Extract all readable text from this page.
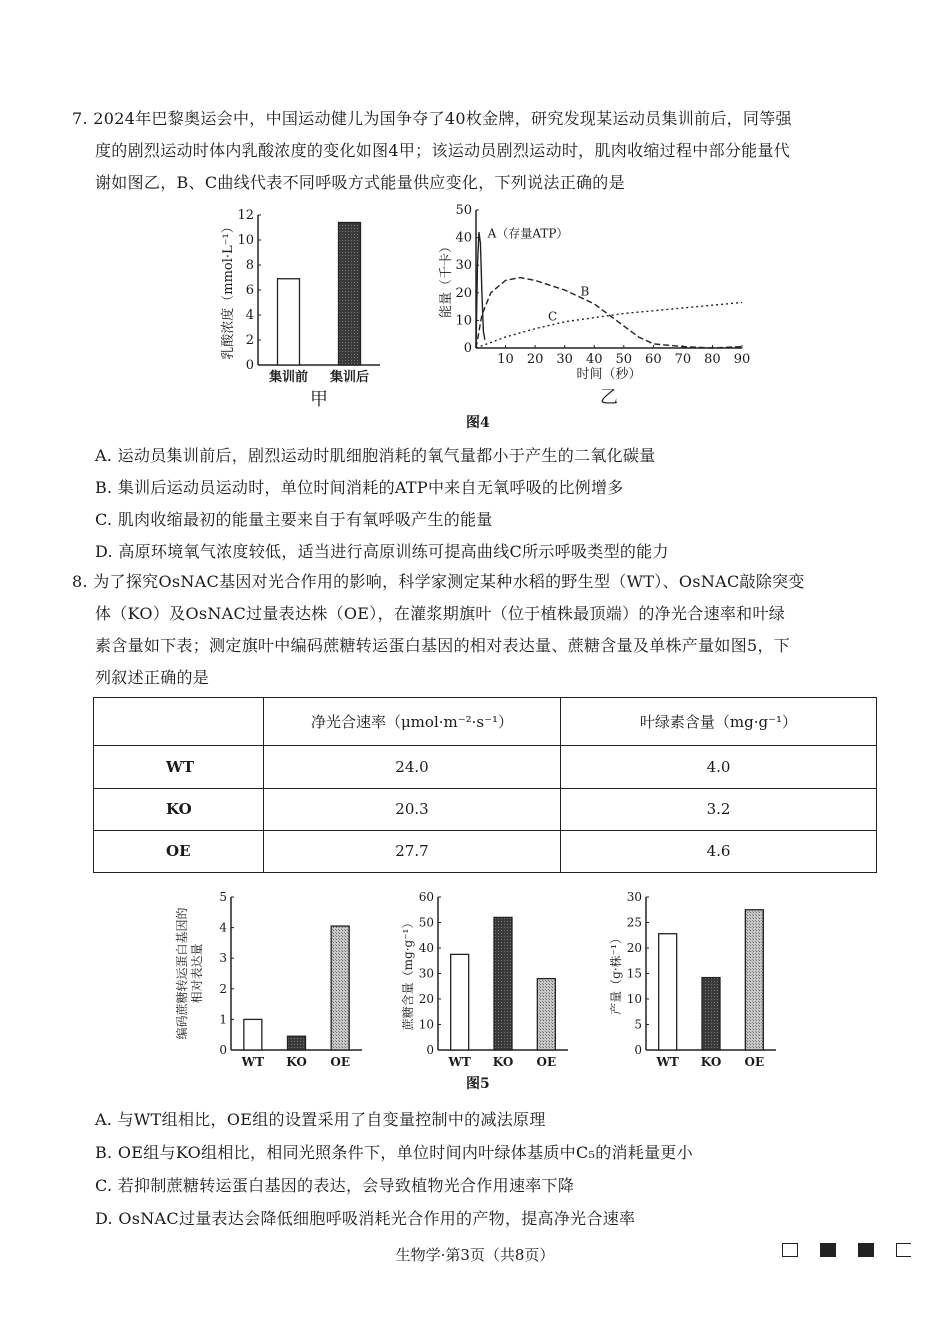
7. 2024年巴黎奥运会中，中国运动健儿为国争夺了40枚金牌，研究发现某运动员集训前后，同等强
度的剧烈运动时体内乳酸浓度的变化如图4甲；该运动员剧烈运动时，肌肉收缩过程中部分能量代
谢如图乙，B、C曲线代表不同呼吸方式能量供应变化，下列说法正确的是
0
2
4
6
8
10
12
乳酸浓度（mmol·L⁻¹）
甲
集训前 集训后
0
10
20
30
40
50
能量（千卡）
时间（秒）
乙
10 20 30 40 50 60 70 80 90
A（存量ATP）
B
C
图4
A. 运动员集训前后，剧烈运动时肌细胞消耗的氧气量都小于产生的二氧化碳量
B. 集训后运动员运动时，单位时间消耗的ATP中来自无氧呼吸的比例增多
C. 肌肉收缩最初的能量主要来自于有氧呼吸产生的能量
D. 高原环境氧气浓度较低，适当进行高原训练可提高曲线C所示呼吸类型的能力
8. 为了探究OsNAC基因对光合作用的影响，科学家测定某种水稻的野生型（WT）、OsNAC敲除突变
体（KO）及OsNAC过量表达株（OE），在灌浆期旗叶（位于植株最顶端）的净光合速率和叶绿
素含量如下表；测定旗叶中编码蔗糖转运蛋白基因的相对表达量、蔗糖含量及单株产量如图5，下
列叙述正确的是
	净光合速率（μmol·m⁻²·s⁻¹）	叶绿素含量（mg·g⁻¹）
WT	24.0	4.0
KO	20.3	3.2
OE	27.7	4.6
0
1
2
3
4
5
编码蔗糖转运蛋白基因的 相对表达量
WT KO OE
0
10
20
30
40
50
60
蔗糖含量（mg·g⁻¹）
WT KO OE
0
5
10
15
20
25
30
产量（g·株⁻¹）
WT KO OE
图5
A. 与WT组相比，OE组的设置采用了自变量控制中的减法原理
B. OE组与KO组相比，相同光照条件下，单位时间内叶绿体基质中C₅的消耗量更小
C. 若抑制蔗糖转运蛋白基因的表达，会导致植物光合作用速率下降
D. OsNAC过量表达会降低细胞呼吸消耗光合作用的产物，提高净光合速率
生物学·第3页（共8页）
